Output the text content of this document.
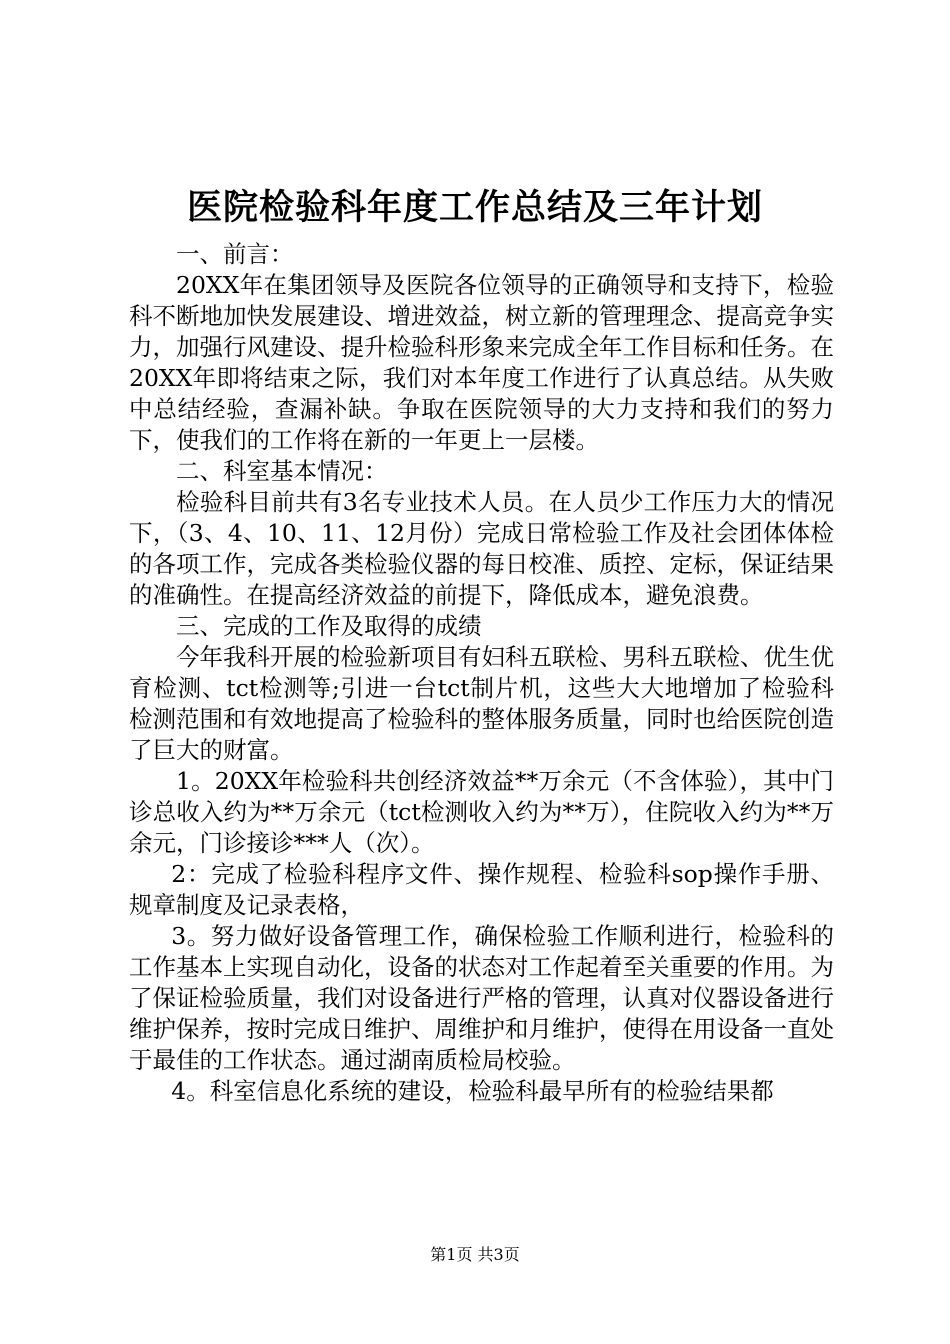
医院检验科年度工作总结及三年计划

一、前言：

20XX年在集团领导及医院各位领导的正确领导和支持下，检验科不断地加快发展建设、增进效益，树立新的管理理念、提高竞争实力，加强行风建设、提升检验科形象来完成全年工作目标和任务。在20XX年即将结束之际，我们对本年度工作进行了认真总结。从失败中总结经验，查漏补缺。争取在医院领导的大力支持和我们的努力下，使我们的工作将在新的一年更上一层楼。

二、科室基本情况：

检验科目前共有3名专业技术人员。在人员少工作压力大的情况下，（3、4、10、11、12月份）完成日常检验工作及社会团体体检的各项工作，完成各类检验仪器的每日校准、质控、定标，保证结果的准确性。在提高经济效益的前提下，降低成本，避免浪费。

三、完成的工作及取得的成绩

今年我科开展的检验新项目有妇科五联检、男科五联检、优生优育检测、tct检测等;引进一台tct制片机，这些大大地增加了检验科检测范围和有效地提高了检验科的整体服务质量，同时也给医院创造了巨大的财富。

1。20XX年检验科共创经济效益**万余元（不含体验），其中门诊总收入约为**万余元（tct检测收入约为**万），住院收入约为**万余元，门诊接诊***人（次）。

2：完成了检验科程序文件、操作规程、检验科sop操作手册、规章制度及记录表格，

3。努力做好设备管理工作，确保检验工作顺利进行，检验科的工作基本上实现自动化，设备的状态对工作起着至关重要的作用。为了保证检验质量，我们对设备进行严格的管理，认真对仪器设备进行维护保养，按时完成日维护、周维护和月维护，使得在用设备一直处于最佳的工作状态。通过湖南质检局校验。

4。科室信息化系统的建设，检验科最早所有的检验结果都

第1页 共3页
